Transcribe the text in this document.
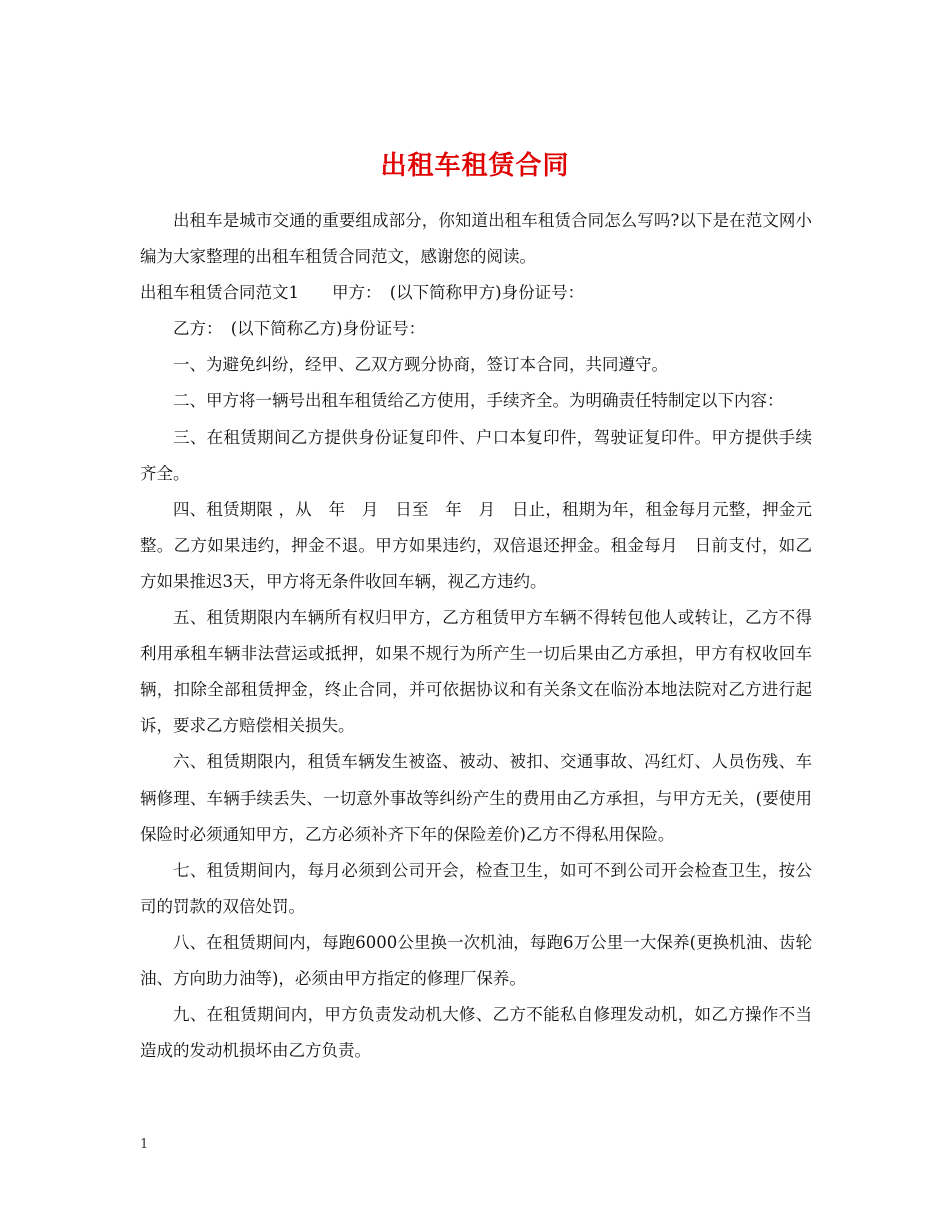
出租车租赁合同

出租车是城市交通的重要组成部分，你知道出租车租赁合同怎么写吗?以下是在范文网小编为大家整理的出租车租赁合同范文，感谢您的阅读。

出租车租赁合同范文1　　甲方：　(以下简称甲方)身份证号：

乙方：　(以下简称乙方)身份证号：

一、为避免纠纷，经甲、乙双方觋分协商，签订本合同，共同遵守。

二、甲方将一辆号出租车租赁给乙方使用，手续齐全。为明确责任特制定以下内容：

三、在租赁期间乙方提供身份证复印件、户口本复印件，驾驶证复印件。甲方提供手续齐全。

四、租赁期限 ，从　年　月　日至　年　月　日止，租期为年，租金每月元整，押金元整。乙方如果违约，押金不退。甲方如果违约，双倍退还押金。租金每月　日前支付，如乙方如果推迟3天，甲方将无条件收回车辆，视乙方违约。

五、租赁期限内车辆所有权归甲方，乙方租赁甲方车辆不得转包他人或转让，乙方不得利用承租车辆非法营运或抵押，如果不规行为所产生一切后果由乙方承担，甲方有权收回车辆，扣除全部租赁押金，终止合同，并可依据协议和有关条文在临汾本地法院对乙方进行起诉，要求乙方赔偿相关损失。

六、租赁期限内，租赁车辆发生被盗、被动、被扣、交通事故、冯红灯、人员伤残、车辆修理、车辆手续丢失、一切意外事故等纠纷产生的费用由乙方承担，与甲方无关，(要使用保险时必须通知甲方，乙方必须补齐下年的保险差价)乙方不得私用保险。

七、租赁期间内，每月必须到公司开会，检查卫生，如可不到公司开会检查卫生，按公司的罚款的双倍处罚。

八、在租赁期间内，每跑6000公里换一次机油，每跑6万公里一大保养(更换机油、齿轮油、方向助力油等)，必须由甲方指定的修理厂保养。

九、在租赁期间内，甲方负责发动机大修、乙方不能私自修理发动机，如乙方操作不当造成的发动机损坏由乙方负责。

1
